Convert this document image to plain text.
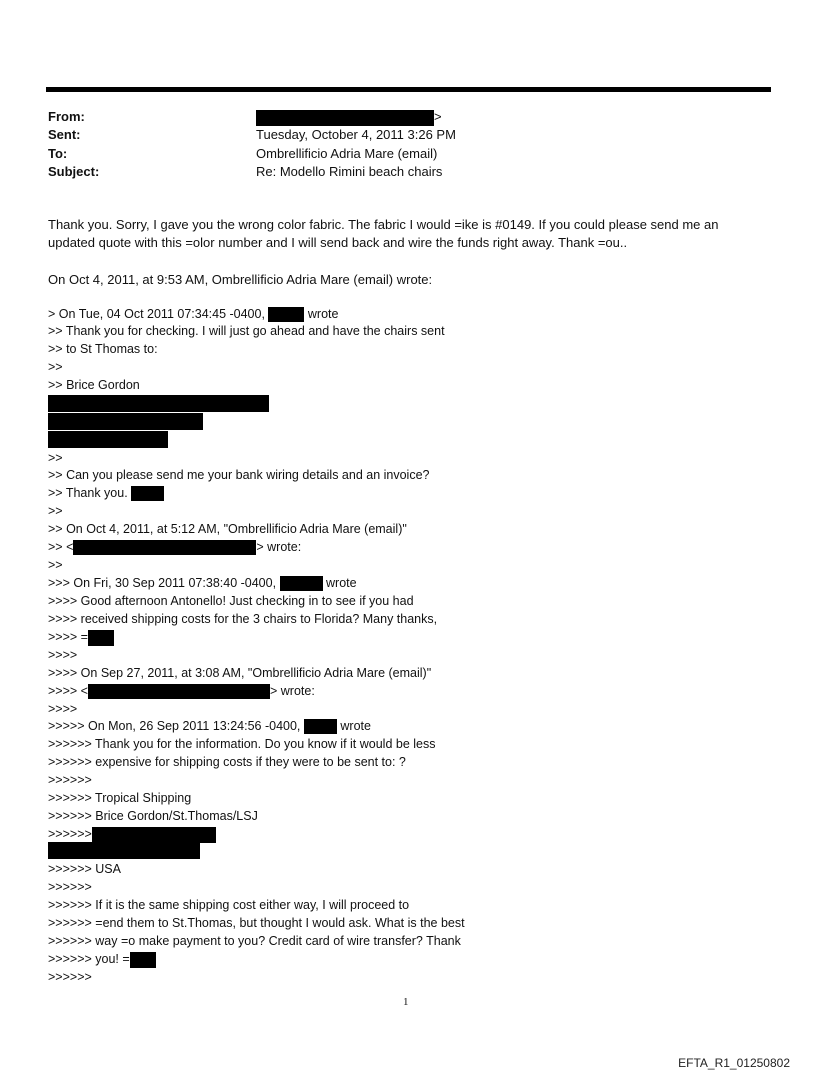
From:	>
Sent:	Tuesday, October 4, 2011 3:26 PM
To:	Ombrellificio Adria Mare (email)
Subject:	Re: Modello Rimini beach chairs
Thank you. Sorry, I gave you the wrong color fabric. The fabric I would =ike is #0149. If you could please send me an
updated quote with this =olor number and I will send back and wire the funds right away. Thank =ou..
On Oct 4, 2011, at 9:53 AM, Ombrellificio Adria Mare (email) wrote:
> On Tue, 04 Oct 2011 07:34:45 -0400,	wrote
>> Thank you for checking. I will just go ahead and have the chairs sent
>> to St Thomas to:
>>
>> Brice Gordon
>>
>> Can you please send me your bank wiring details and an invoice?
>> Thank you.
>>
>> On Oct 4, 2011, at 5:12 AM, "Ombrellificio Adria Mare (email)"
>> <	> wrote:
>>
>>> On Fri, 30 Sep 2011 07:38:40 -0400,	wrote
>>>> Good afternoon Antonello! Just checking in to see if you had
>>>> received shipping costs for the 3 chairs to Florida? Many thanks,
>>>> =
>>>>
>>>> On Sep 27, 2011, at 3:08 AM, "Ombrellificio Adria Mare (email)"
>>>> <	> wrote:
>>>>
>>>>> On Mon, 26 Sep 2011 13:24:56 -0400,	wrote
>>>>>> Thank you for the information. Do you know if it would be less
>>>>>> expensive for shipping costs if they were to be sent to: ?
>>>>>>
>>>>>> Tropical Shipping
>>>>>> Brice Gordon/St.Thomas/LSJ
>>>>>>
>>>>>> USA
>>>>>>
>>>>>> If it is the same shipping cost either way, I will proceed to
>>>>>> =end them to St.Thomas, but thought I would ask. What is the best
>>>>>> way =o make payment to you? Credit card of wire transfer? Thank
>>>>>> you! =
>>>>>>
1
EFTA_R1_01250802
